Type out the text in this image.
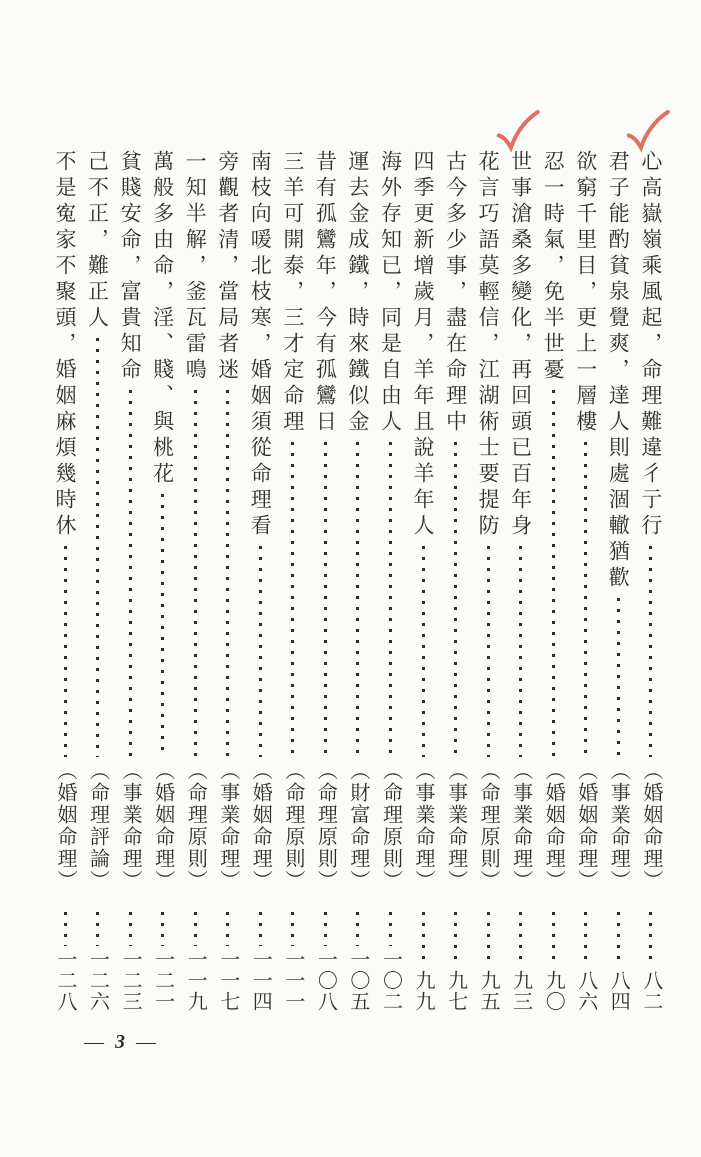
心高嶽嶺乘風起，命理難違彳亍行
（婚姻命理）
八二
君子能酌貧泉覺爽，達人則處涸轍猶歡
（事業命理）
八四
欲窮千里目，更上一層樓
（婚姻命理）
八六
忍一時氣，免半世憂
（婚姻命理）
九〇
世事滄桑多變化，再回頭已百年身
（事業命理）
九三
花言巧語莫輕信，江湖術士要提防
（命理原則）
九五
古今多少事，盡在命理中
（事業命理）
九七
四季更新增歲月，羊年且說羊年人
（事業命理）
九九
海外存知已，同是自由人
（命理原則）
一〇二
運去金成鐵，時來鐵似金
（財富命理）
一〇五
昔有孤鸞年，今有孤鸞日
（命理原則）
一〇八
三羊可開泰，三才定命理
（命理原則）
一一一
南枝向喛北枝寒，婚姻須從命理看
（婚姻命理）
一一四
旁觀者清，當局者迷
（事業命理）
一一七
一知半解，釜瓦雷鳴
（命理原則）
一一九
萬般多由命，淫、賤、與桃花
（婚姻命理）
一二一
貧賤安命，富貴知命
（事業命理）
一二三
己不正，難正人
（命理評論）
一二六
不是寃家不聚頭，婚姻麻煩幾時休
（婚姻命理）
一二八
— 3 —
